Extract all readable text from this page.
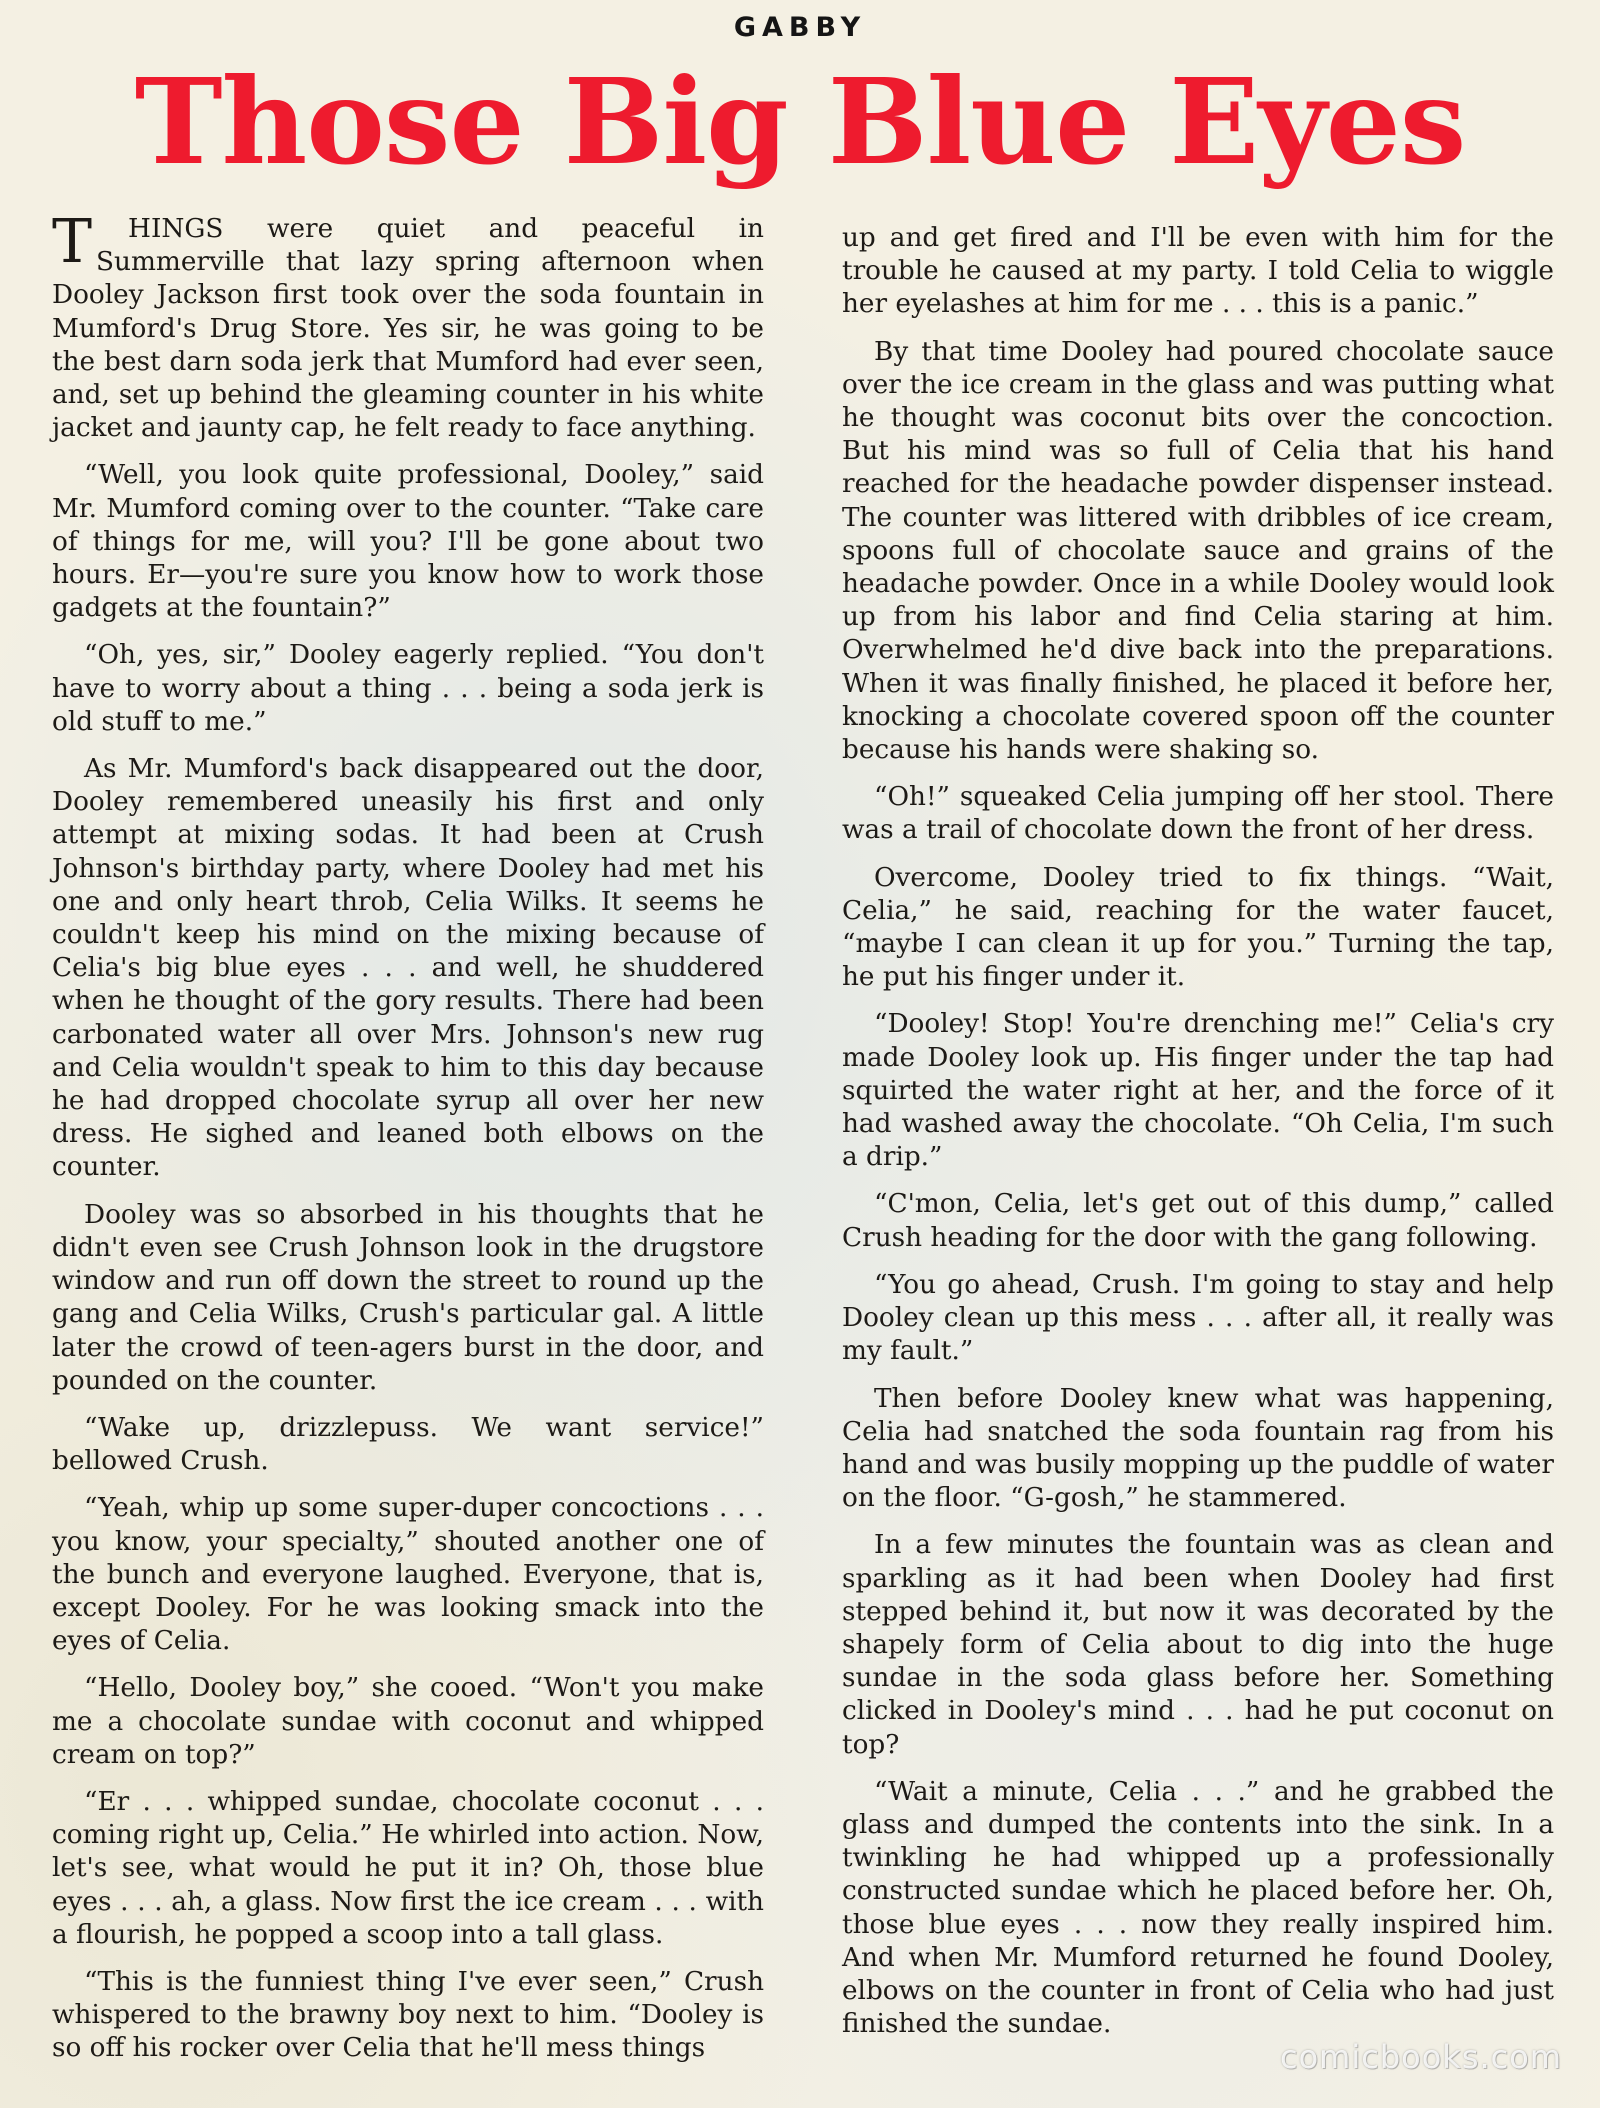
GABBY
Those Big Blue Eyes

T HINGS were quiet and peaceful in Summerville that lazy spring afternoon when Dooley Jackson first took over the soda fountain in Mumford's Drug Store. Yes sir, he was going to be the best darn soda jerk that Mumford had ever seen, and, set up behind the gleaming counter in his white jacket and jaunty cap, he felt ready to face anything.

“Well, you look quite professional, Dooley,” said Mr. Mumford coming over to the counter. “Take care of things for me, will you? I'll be gone about two hours. Er—you're sure you know how to work those gadgets at the fountain?”

“Oh, yes, sir,” Dooley eagerly replied. “You don't have to worry about a thing . . . being a soda jerk is old stuff to me.”

As Mr. Mumford's back disappeared out the door, Dooley remembered uneasily his first and only attempt at mixing sodas. It had been at Crush Johnson's birthday party, where Dooley had met his one and only heart throb, Celia Wilks. It seems he couldn't keep his mind on the mixing because of Celia's big blue eyes . . . and well, he shuddered when he thought of the gory results. There had been carbonated water all over Mrs. Johnson's new rug and Celia wouldn't speak to him to this day because he had dropped chocolate syrup all over her new dress. He sighed and leaned both elbows on the counter.

Dooley was so absorbed in his thoughts that he didn't even see Crush Johnson look in the drugstore window and run off down the street to round up the gang and Celia Wilks, Crush's particular gal. A little later the crowd of teen-agers burst in the door, and pounded on the counter.

“Wake up, drizzlepuss. We want service!” bellowed Crush.

“Yeah, whip up some super-duper concoctions . . . you know, your specialty,” shouted another one of the bunch and everyone laughed. Everyone, that is, except Dooley. For he was looking smack into the eyes of Celia.

“Hello, Dooley boy,” she cooed. “Won't you make me a chocolate sundae with coconut and whipped cream on top?”

“Er . . . whipped sundae, chocolate coconut . . . coming right up, Celia.” He whirled into action. Now, let's see, what would he put it in? Oh, those blue eyes . . . ah, a glass. Now first the ice cream . . . with a flourish, he popped a scoop into a tall glass.

“This is the funniest thing I've ever seen,” Crush whispered to the brawny boy next to him. “Dooley is so off his rocker over Celia that he'll mess things

up and get fired and I'll be even with him for the trouble he caused at my party. I told Celia to wiggle her eyelashes at him for me . . . this is a panic.”

By that time Dooley had poured chocolate sauce over the ice cream in the glass and was putting what he thought was coconut bits over the concoction. But his mind was so full of Celia that his hand reached for the headache powder dispenser instead. The counter was littered with dribbles of ice cream, spoons full of chocolate sauce and grains of the headache powder. Once in a while Dooley would look up from his labor and find Celia staring at him. Overwhelmed he'd dive back into the preparations. When it was finally finished, he placed it before her, knocking a chocolate covered spoon off the counter because his hands were shaking so.

“Oh!” squeaked Celia jumping off her stool. There was a trail of chocolate down the front of her dress.

Overcome, Dooley tried to fix things. “Wait, Celia,” he said, reaching for the water faucet, “maybe I can clean it up for you.” Turning the tap, he put his finger under it.

“Dooley! Stop! You're drenching me!” Celia's cry made Dooley look up. His finger under the tap had squirted the water right at her, and the force of it had washed away the chocolate. “Oh Celia, I'm such a drip.”

“C'mon, Celia, let's get out of this dump,” called Crush heading for the door with the gang following.

“You go ahead, Crush. I'm going to stay and help Dooley clean up this mess . . . after all, it really was my fault.”

Then before Dooley knew what was happening, Celia had snatched the soda fountain rag from his hand and was busily mopping up the puddle of water on the floor. “G-gosh,” he stammered.

In a few minutes the fountain was as clean and sparkling as it had been when Dooley had first stepped behind it, but now it was decorated by the shapely form of Celia about to dig into the huge sundae in the soda glass before her. Something clicked in Dooley's mind . . . had he put coconut on top?

“Wait a minute, Celia . . .” and he grabbed the glass and dumped the contents into the sink. In a twinkling he had whipped up a professionally constructed sundae which he placed before her. Oh, those blue eyes . . . now they really inspired him. And when Mr. Mumford returned he found Dooley, elbows on the counter in front of Celia who had just finished the sundae.

comicbooks.com
